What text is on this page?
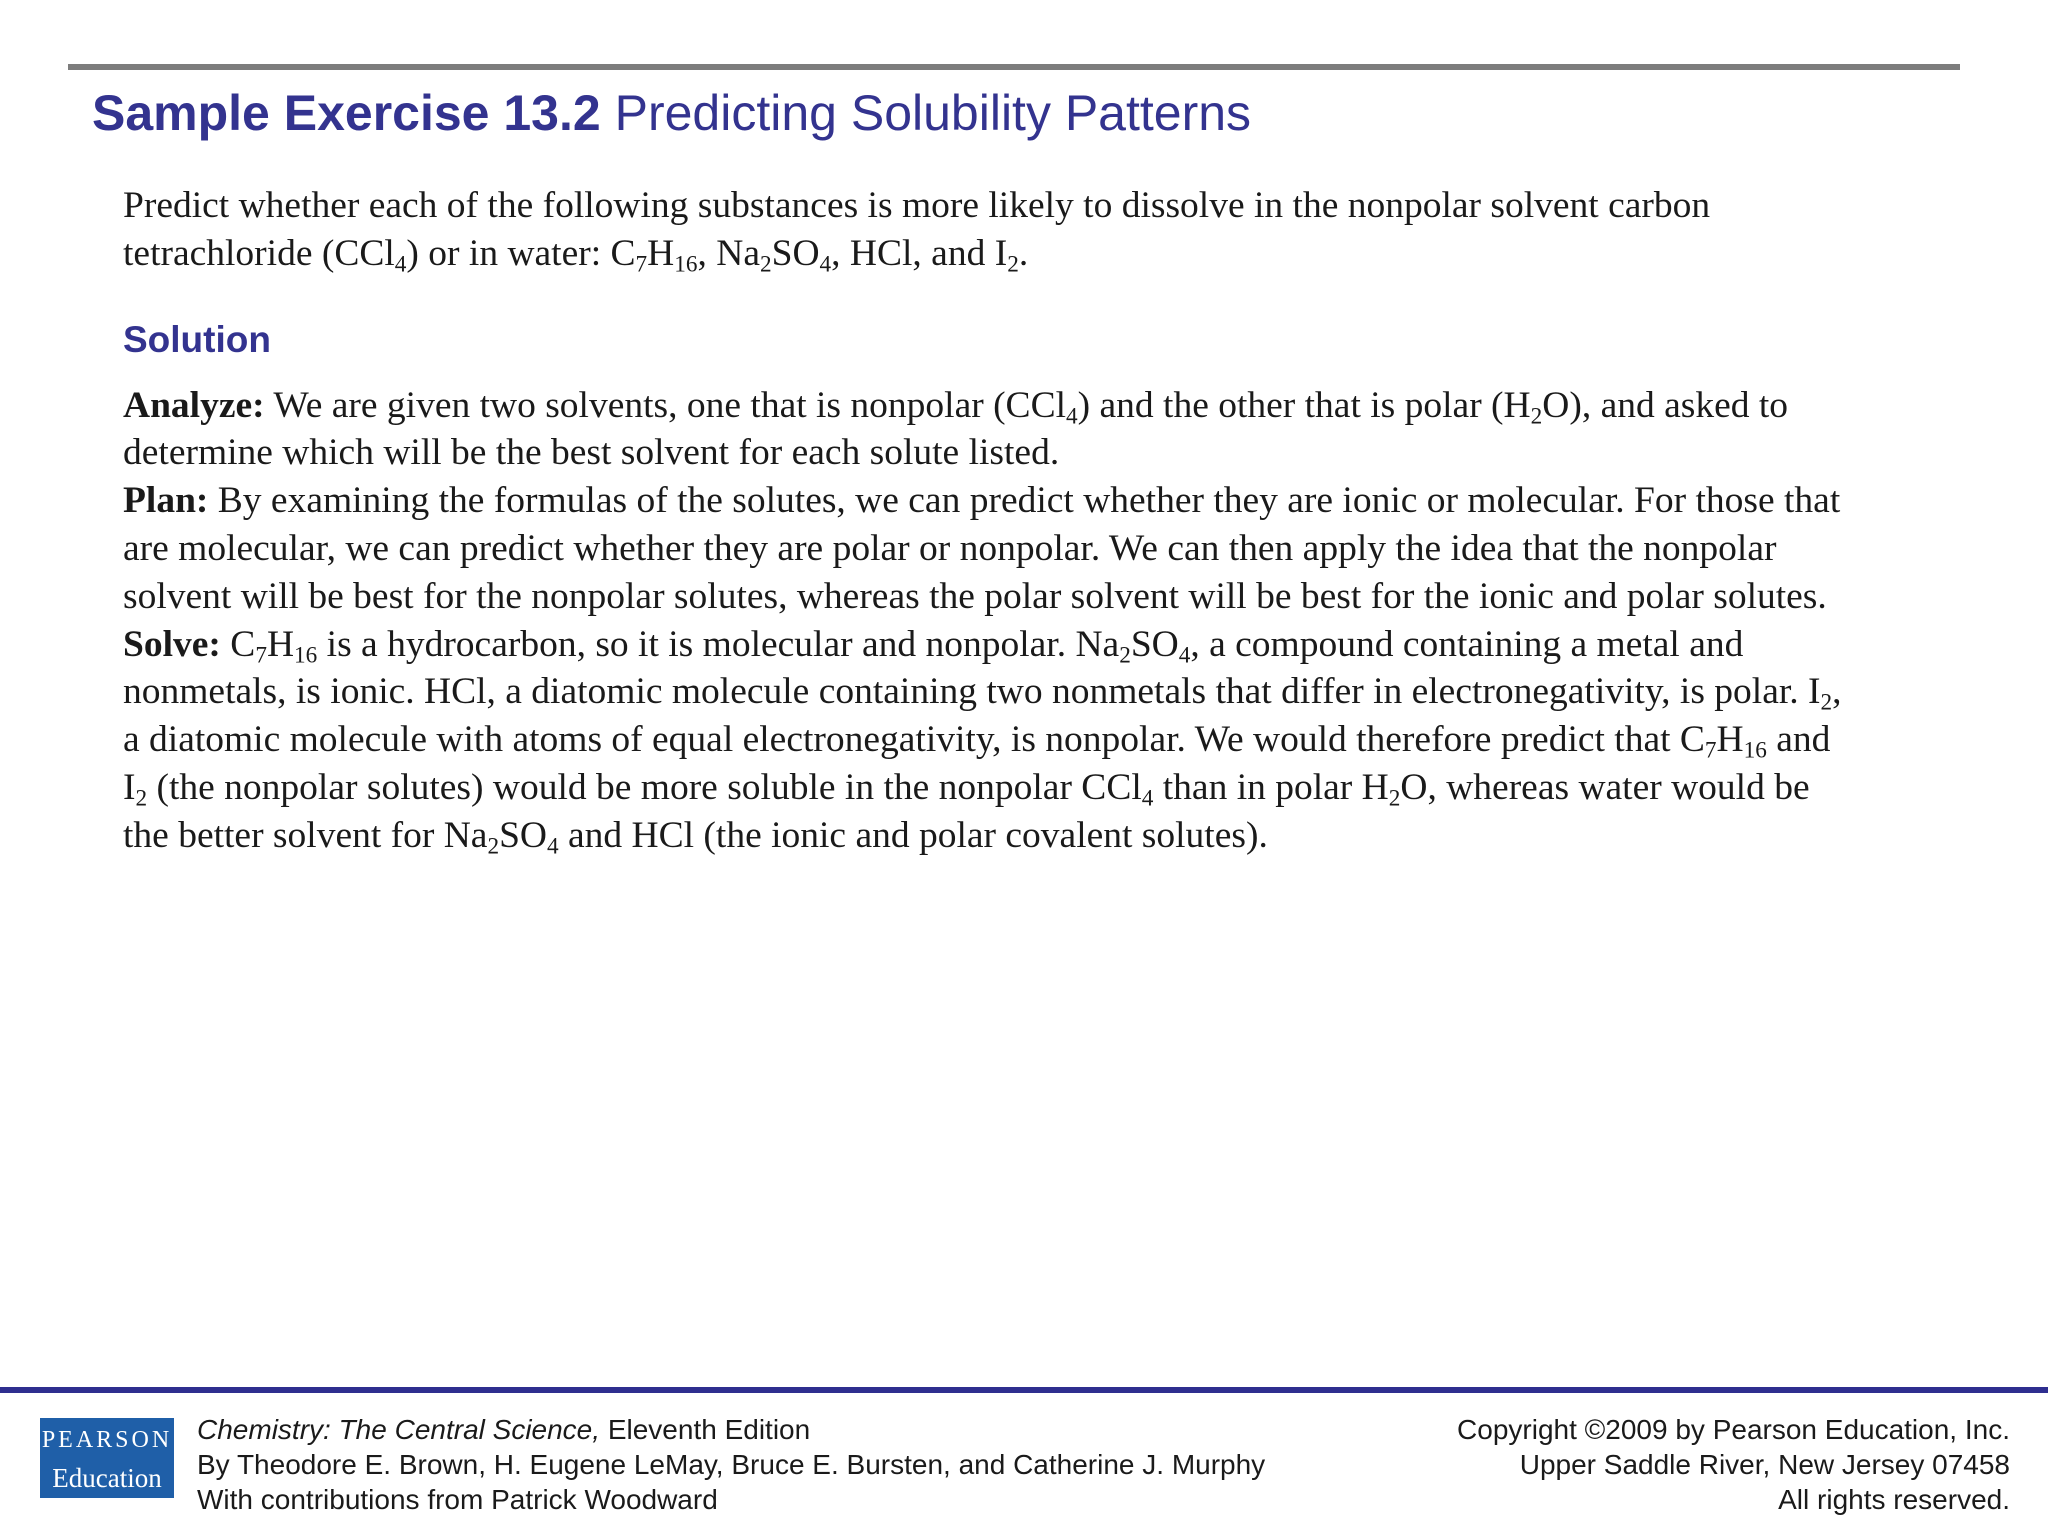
Sample Exercise 13.2 Predicting Solubility Patterns

Predict whether each of the following substances is more likely to dissolve in the nonpolar solvent carbon
tetrachloride (CCl$_4$) or in water: $C_7H_{16}$, $Na_2SO_4$, HCl, and $I_2$.

Solution

Analyze: We are given two solvents, one that is nonpolar (CCl$_4$) and the other that is polar $(H_2O)$, and asked to determine which will be the best solvent for each solute listed.

Plan: By examining the formulas of the solutes, we can predict whether they are ionic or molecular. For those that are molecular, we can predict whether they are polar or nonpolar. We can then apply the idea that the nonpolar solvent will be best for the nonpolar solutes, whereas the polar solvent will be best for the ionic and polar solutes.

Solve: $C_7H_{16}$ is a hydrocarbon, so it is molecular and nonpolar. $Na_2SO_4$, a compound containing a metal and nonmetals, is ionic. HCl, a diatomic molecule containing two nonmetals that differ in electronegativity, is polar. $I_2$, a diatomic molecule with atoms of equal electronegativity, is nonpolar. We would therefore predict that $C_7H_{16}$ and $I_2$ (the nonpolar solutes) would be more soluble in the nonpolar CCl$_4$ than in polar $H_2O$, whereas water would be the better solvent for $Na_2SO_4$ and HCl (the ionic and polar covalent solutes).

PEARSON
Education
Chemistry: The Central Science, Eleventh Edition
By Theodore E. Brown, H. Eugene LeMay, Bruce E. Bursten, and Catherine J. Murphy
With contributions from Patrick Woodward
Copyright ©2009 by Pearson Education, Inc.
Upper Saddle River, New Jersey 07458
All rights reserved.
